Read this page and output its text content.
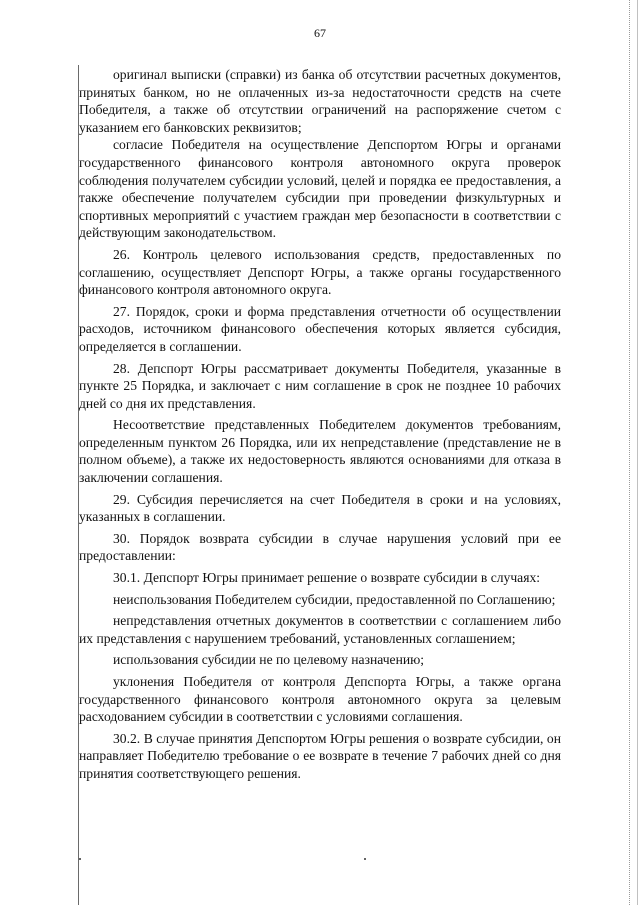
67

оригинал выписки (справки) из банка об отсутствии расчетных документов, принятых банком, но не оплаченных из-за недостаточности средств на счете Победителя, а также об отсутствии ограничений на распоряжение счетом с указанием его банковских реквизитов;

согласие Победителя на осуществление Депспортом Югры и органами государственного финансового контроля автономного округа проверок соблюдения получателем субсидии условий, целей и порядка ее предоставления, а также обеспечение получателем субсидии при проведении физкультурных и спортивных мероприятий с участием граждан мер безопасности в соответствии с действующим законодательством.

26. Контроль целевого использования средств, предоставленных по соглашению, осуществляет Депспорт Югры, а также органы государственного финансового контроля автономного округа.

27. Порядок, сроки и форма представления отчетности об осуществлении расходов, источником финансового обеспечения которых является субсидия, определяется в соглашении.

28. Депспорт Югры рассматривает документы Победителя, указанные в пункте 25 Порядка, и заключает с ним соглашение в срок не позднее 10 рабочих дней со дня их представления.

Несоответствие представленных Победителем документов требованиям, определенным пунктом 26 Порядка, или их непредставление (представление не в полном объеме), а также их недостоверность являются основаниями для отказа в заключении соглашения.

29. Субсидия перечисляется на счет Победителя в сроки и на условиях, указанных в соглашении.

30. Порядок возврата субсидии в случае нарушения условий при ее предоставлении:

30.1. Депспорт Югры принимает решение о возврате субсидии в случаях:

неиспользования Победителем субсидии, предоставленной по Соглашению;

непредставления отчетных документов в соответствии с соглашением либо их представления с нарушением требований, установленных соглашением;

использования субсидии не по целевому назначению;

уклонения Победителя от контроля Депспорта Югры, а также органа государственного финансового контроля автономного округа за целевым расходованием субсидии в соответствии с условиями соглашения.

30.2. В случае принятия Депспортом Югры решения о возврате субсидии, он направляет Победителю требование о ее возврате в течение 7 рабочих дней со дня принятия соответствующего решения.
